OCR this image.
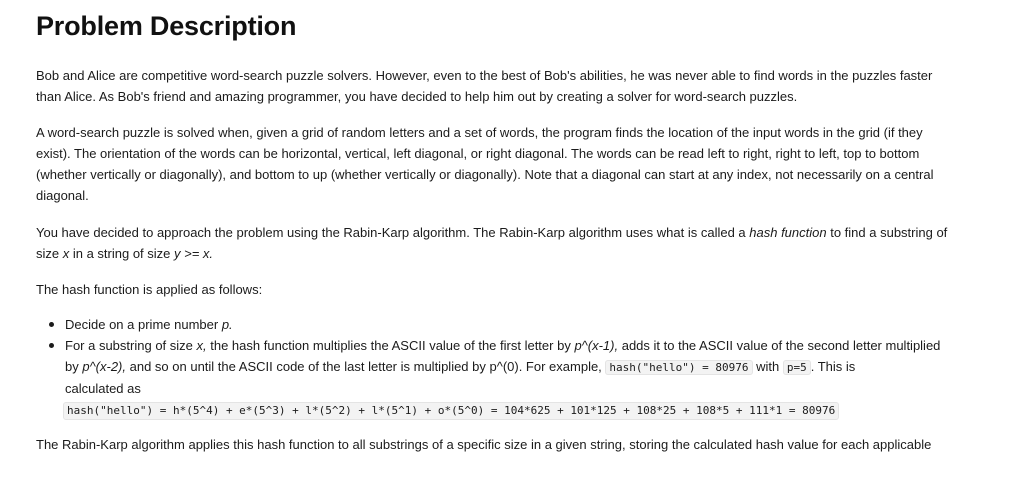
Problem Description

Bob and Alice are competitive word-search puzzle solvers. However, even to the best of Bob's abilities, he was never able to find words in the puzzles faster
than Alice. As Bob's friend and amazing programmer, you have decided to help him out by creating a solver for word-search puzzles.

A word-search puzzle is solved when, given a grid of random letters and a set of words, the program finds the location of the input words in the grid (if they
exist). The orientation of the words can be horizontal, vertical, left diagonal, or right diagonal. The words can be read left to right, right to left, top to bottom
(whether vertically or diagonally), and bottom to up (whether vertically or diagonally). Note that a diagonal can start at any index, not necessarily on a central
diagonal.

You have decided to approach the problem using the Rabin-Karp algorithm. The Rabin-Karp algorithm uses what is called a hash function to find a substring of
size x in a string of size y >= x.

The hash function is applied as follows:

Decide on a prime number p.
For a substring of size x, the hash function multiplies the ASCII value of the first letter by p^(x-1), adds it to the ASCII value of the second letter multiplied
by p^(x-2), and so on until the ASCII code of the last letter is multiplied by p^(0). For example, hash("hello") = 80976 with p=5 . This is
calculated as
hash("hello") = h*(5^4) + e*(5^3) + l*(5^2) + l*(5^1) + o*(5^0) = 104*625 + 101*125 + 108*25 + 108*5 + 111*1 = 80976

The Rabin-Karp algorithm applies this hash function to all substrings of a specific size in a given string, storing the calculated hash value for each applicable
